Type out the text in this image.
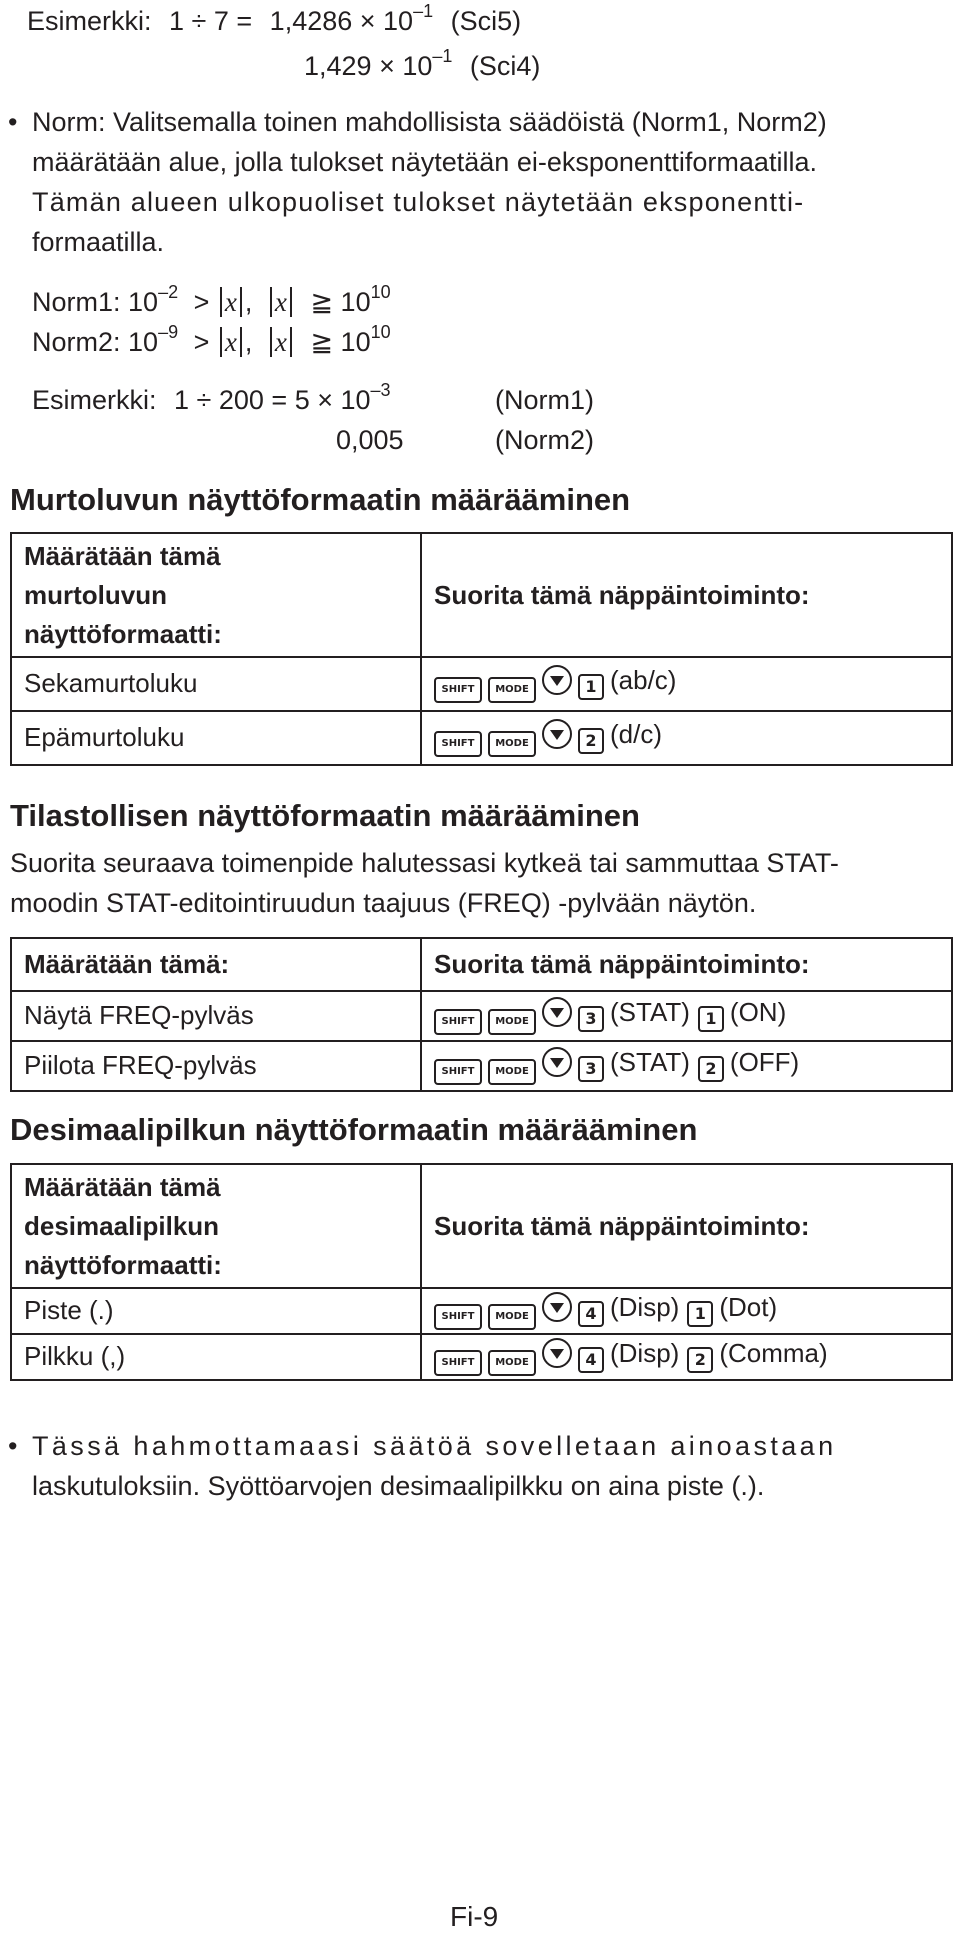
Esimerkki: $1 \div 7 = 1,4286 \times 10^{-1}$ (Sci5)
$1,429 \times 10^{-1}$ (Sci4)
• Norm: Valitsemalla toinen mahdollisista säädöistä (Norm1, Norm2)
määrätään alue, jolla tulokset näytetään ei-eksponenttiformaatilla.
Tämän alueen ulkopuoliset tulokset näytetään eksponentti-
formaatilla.
Norm1: $10^{-2} > x$ , x ≧ $10^{10}$
Norm2: $10^{-9} > x$ , x ≧ $10^{10}$
Esimerkki: $1 \div 200 = 5 \times 10^{-3}$	(Norm1)
0,005	(Norm2)
Murtoluvun näyttöformaatin määrääminen
Määrätään tämä
murtoluvun
näyttöformaatti:	Suorita tämä näppäintoiminto:
Sekamurtoluku	SHIFT MODE 1 (ab/c)
Epämurtoluku	SHIFT MODE 2 (d/c)
Tilastollisen näyttöformaatin määrääminen
Suorita seuraava toimenpide halutessasi kytkeä tai sammuttaa STAT-
moodin STAT-editointiruudun taajuus (FREQ) -pylvään näytön.
Määrätään tämä:	Suorita tämä näppäintoiminto:
Näytä FREQ-pylväs	SHIFT MODE 3 (STAT) 1 (ON)
Piilota FREQ-pylväs	SHIFT MODE 3 (STAT) 2 (OFF)
Desimaalipilkun näyttöformaatin määrääminen
Määrätään tämä
desimaalipilkun
näyttöformaatti:	Suorita tämä näppäintoiminto:
Piste (.)	SHIFT MODE 4 (Disp) 1 (Dot)
Pilkku (,)	SHIFT MODE 4 (Disp) 2 (Comma)
• Tässä hahmottamaasi säätöä sovelletaan ainoastaan
laskutuloksiin. Syöttöarvojen desimaalipilkku on aina piste (.).
Fi-9
